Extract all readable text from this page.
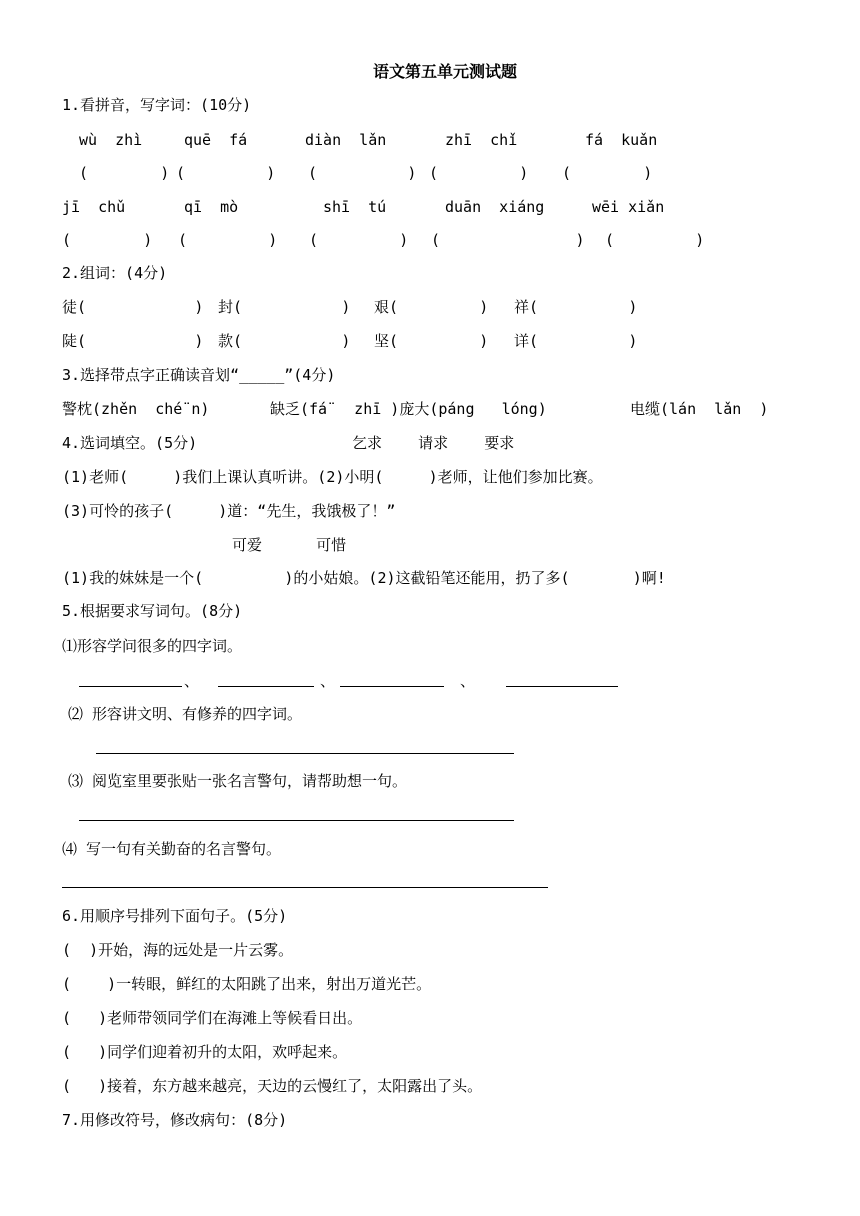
语文第五单元测试题
1.看拼音，写字词：(10分)
wù  zhì	quē  fá	diàn  lǎn	zhī  chǐ	fá  kuǎn
(        ) (         ) (          ) (         ) (        )
jī  chǔ	qī  mò	shī  tú	duān  xiáng	wēi xiǎn
(        ) (         ) (         ) (               ) (         )
2.组词：(4分)
徒(            ) 封(           ) 艰(         ) 祥(          )
陡(            ) 款(           ) 坚(         ) 详(          )
3.选择带点字正确读音划“_____”(4分)
警枕(zhěn  ché¨n)	缺乏(fá¨  zhī )庞大(páng   lóng)	电缆(lán  lǎn  )
4.选词填空。(5分)	乞求    请求    要求
(1)老师(     )我们上课认真听讲。(2)小明(     )老师，让他们参加比赛。
(3)可怜的孩子(     )道：“先生，我饿极了！”
可爱      可惜
(1)我的妹妹是一个(         )的小姑娘。(2)这截铅笔还能用，扔了多(       )啊!
5.根据要求写词句。(8分)
⑴形容学问很多的四字词。
、	、	、
⑵ 形容讲文明、有修养的四字词。
⑶ 阅览室里要张贴一张名言警句，请帮助想一句。
⑷ 写一句有关勤奋的名言警句。
6.用顺序号排列下面句子。(5分)
(  )开始，海的远处是一片云雾。
(    )一转眼，鲜红的太阳跳了出来，射出万道光芒。
(   )老师带领同学们在海滩上等候看日出。
(   )同学们迎着初升的太阳，欢呼起来。
(   )接着，东方越来越亮，天边的云慢红了，太阳露出了头。
7.用修改符号，修改病句：(8分)
